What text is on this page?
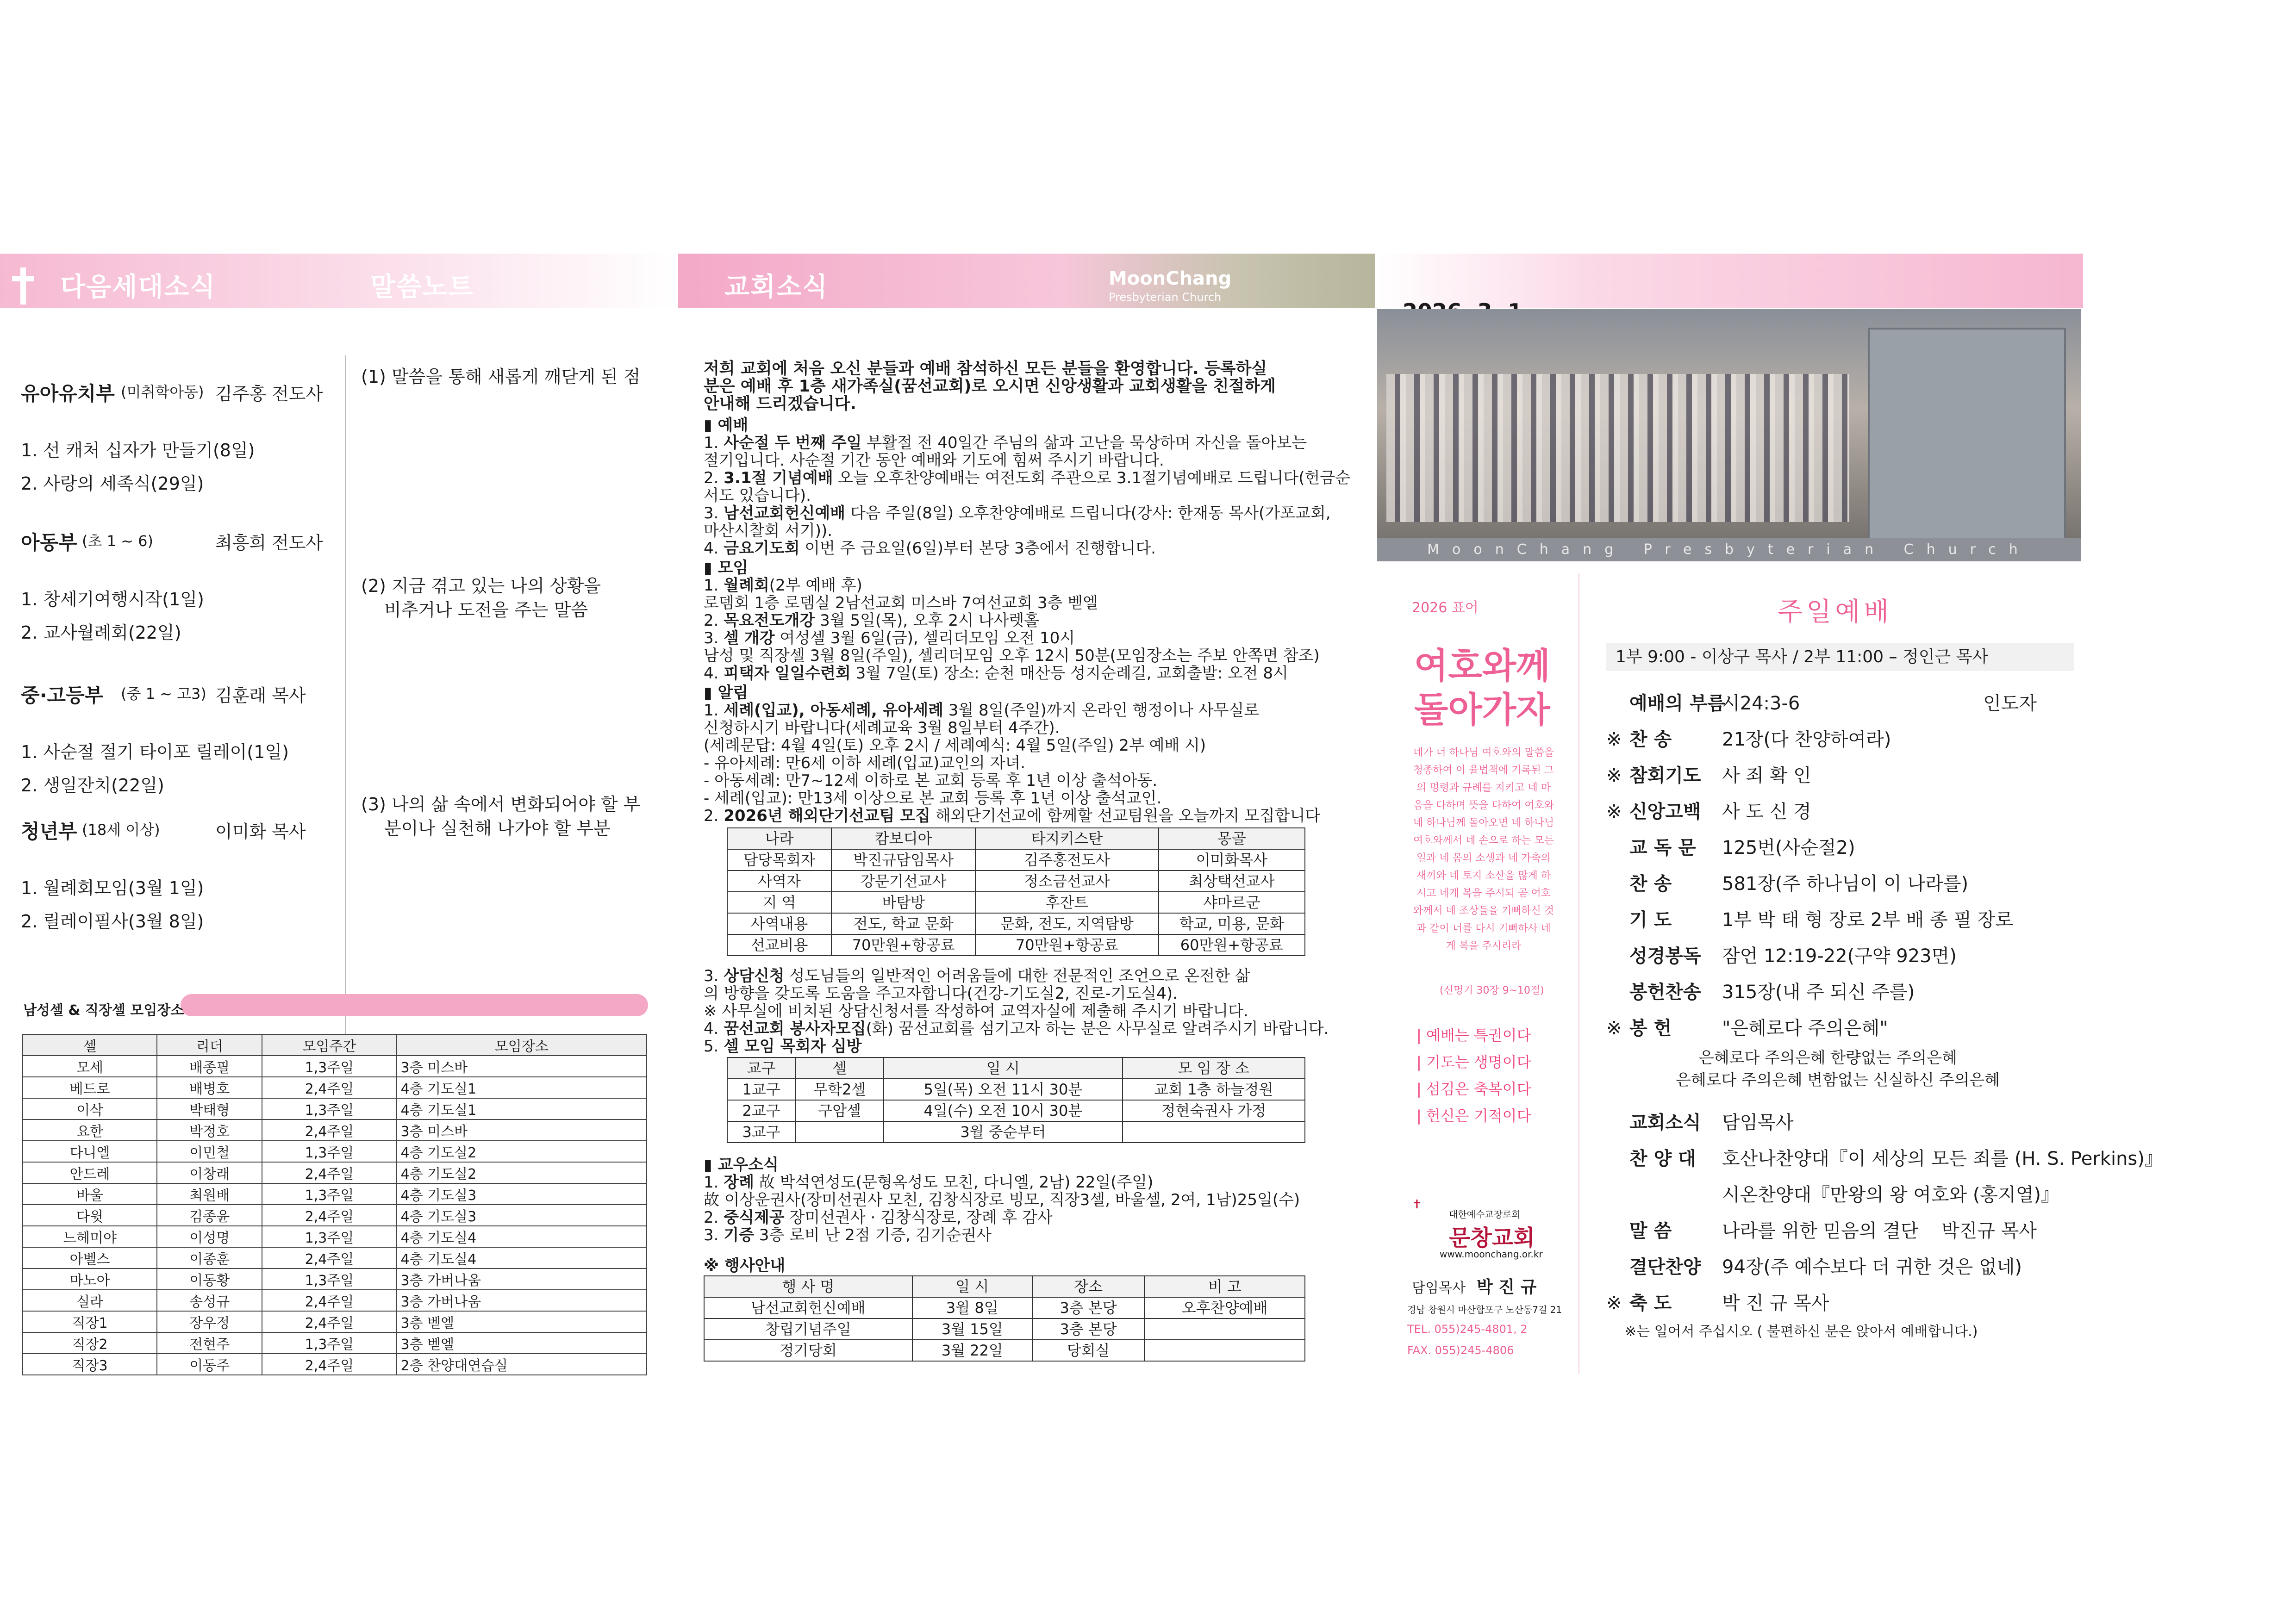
다음세대소식	말씀노트	교회소식	MoonChang
Presbyterian Church
유아유치부 (미취학아동) 김주홍 전도사
1. 선 캐처 십자가 만들기(8일)
2. 사랑의 세족식(29일)
아동부 (초 1 ~ 6)	최흥희 전도사
1. 창세기여행시작(1일)
2. 교사월례회(22일)
중·고등부 (중 1 ~ 고3) 김훈래 목사
1. 사순절 절기 타이포 릴레이(1일)
2. 생일잔치(22일)
청년부 (18세 이상)	이미화 목사
1. 월례회모임(3월 1일)
2. 릴레이필사(3월 8일)
(1) 말씀을 통해 새롭게 깨닫게 된 점
(2) 지금 겪고 있는 나의 상황을
비추거나 도전을 주는 말씀
(3) 나의 삶 속에서 변화되어야 할 부
분이나 실천해 나가야 할 부분
남성셀 & 직장셀 모임장소
셀	리더	모임주간	모임장소
모세	배종필	1,3주일	3층 미스바
베드로	배병호	2,4주일	4층 기도실1
이삭	박태형	1,3주일	4층 기도실1
요한	박정호	2,4주일	3층 미스바
다니엘	이민철	1,3주일	4층 기도실2
안드레	이창래	2,4주일	4층 기도실2
바울	최원배	1,3주일	4층 기도실3
다윗	김종윤	2,4주일	4층 기도실3
느헤미야	이성명	1,3주일	4층 기도실4
아벨스	이종훈	2,4주일	4층 기도실4
마노아	이동황	1,3주일	3층 가버나움
실라	송성규	2,4주일	3층 가버나움
직장1	장우정	2,4주일	3층 벧엘
직장2	전현주	1,3주일	3층 벧엘
직장3	이동주	2,4주일	2층 찬양대연습실
저희 교회에 처음 오신 분들과 예배 참석하신 모든 분들을 환영합니다. 등록하실
분은 예배 후 1층 새가족실(꿈선교회)로 오시면 신앙생활과 교회생활을 친절하게
안내해 드리겠습니다.
▮ 예배
1. 사순절 두 번째 주일 부활절 전 40일간 주님의 삶과 고난을 묵상하며 자신을 돌아보는
절기입니다. 사순절 기간 동안 예배와 기도에 힘써 주시기 바랍니다.
2. 3.1절 기념예배 오늘 오후찬양예배는 여전도회 주관으로 3.1절기념예배로 드립니다(헌금순
서도 있습니다).
3. 남선교회헌신예배 다음 주일(8일) 오후찬양예배로 드립니다(강사: 한재동 목사(가포교회,
마산시찰회 서기)).
4. 금요기도회 이번 주 금요일(6일)부터 본당 3층에서 진행합니다.
▮ 모임
1. 월례회(2부 예배 후)
로뎀회 1층 로뎀실 2남선교회 미스바 7여선교회 3층 벧엘
2. 목요전도개강 3월 5일(목), 오후 2시 나사렛홀
3. 셀 개강 여성셀 3월 6일(금), 셀리더모임 오전 10시
남성 및 직장셀 3월 8일(주일), 셀리더모임 오후 12시 50분(모임장소는 주보 안쪽면 참조)
4. 피택자 일일수련회 3월 7일(토) 장소: 순천 매산등 성지순례길, 교회출발: 오전 8시
▮ 알림
1. 세례(입교), 아동세례, 유아세례 3월 8일(주일)까지 온라인 행정이나 사무실로
신청하시기 바랍니다(세례교육 3월 8일부터 4주간).
(세례문답: 4월 4일(토) 오후 2시 / 세례예식: 4월 5일(주일) 2부 예배 시)
- 유아세례: 만6세 이하 세례(입교)교인의 자녀.
- 아동세례: 만7~12세 이하로 본 교회 등록 후 1년 이상 출석아동.
- 세례(입교): 만13세 이상으로 본 교회 등록 후 1년 이상 출석교인.
2. 2026년 해외단기선교팀 모집 해외단기선교에 함께할 선교팀원을 오늘까지 모집합니다
나라	캄보디아	타지키스탄	몽골
담당목회자	박진규담임목사	김주홍전도사	이미화목사
사역자	강문기선교사	정소금선교사	최상택선교사
지 역	바탐방	후잔트	샤마르군
사역내용	전도, 학교 문화	문화, 전도, 지역탐방	학교, 미용, 문화
선교비용	70만원+항공료	70만원+항공료	60만원+항공료
3. 상담신청 성도님들의 일반적인 어려움들에 대한 전문적인 조언으로 온전한 삶
의 방향을 갖도록 도움을 주고자합니다(건강-기도실2, 진로-기도실4).
※ 사무실에 비치된 상담신청서를 작성하여 교역자실에 제출해 주시기 바랍니다.
4. 꿈선교회 봉사자모집(화) 꿈선교회를 섬기고자 하는 분은 사무실로 알려주시기 바랍니다.
5. 셀 모임 목회자 심방
교구	셀	일 시	모 임 장 소
1교구	무학2셀	5일(목) 오전 11시 30분	교회 1층 하늘정원
2교구	구암셀	4일(수) 오전 10시 30분	정현숙권사 가정
3교구		3월 중순부터	
▮ 교우소식
1. 장례 故 박석연성도(문형옥성도 모친, 다니엘, 2남) 22일(주일)
故 이상운권사(장미선권사 모친, 김창식장로 빙모, 직장3셀, 바울셀, 2여, 1남)25일(수)
2. 중식제공 장미선권사 · 김창식장로, 장례 후 감사
3. 기증 3층 로비 난 2점 기증, 김기순권사
※ 행사안내
행 사 명	일 시	장소	비 고
남선교회헌신예배	3월 8일	3층 본당	오후찬양예배
창립기념주일	3월 15일	3층 본당	
정기당회	3월 22일	당회실	
MoonChang Presbyterian Church
2026 표어
여호와께
돌아가자
네가 너 하나님 여호와의 말씀을
청종하여 이 율법책에 기록된 그
의 명령과 규례를 지키고 네 마
음을 다하며 뜻을 다하여 여호와
네 하나님께 돌아오면 네 하나님
여호와께서 네 손으로 하는 모든
일과 네 몸의 소생과 네 가축의
새끼와 네 토지 소산을 많게 하
시고 네게 복을 주시되 곧 여호
와께서 네 조상들을 기뻐하신 것
과 같이 너를 다시 기뻐하사 네
게 복을 주시리라
(신명기 30장 9~10절)
| 예배는 특권이다
| 기도는 생명이다
| 섬김은 축복이다
| 헌신은 기적이다
✝
대한예수교장로회
문창교회
www.moonchang.or.kr
담임목사 박 진 규
경남 창원시 마산합포구 노산동7길 21
TEL. 055)245-4801, 2
FAX. 055)245-4806
주일예배
1부 9:00 - 이상구 목사 / 2부 11:00 – 정인근 목사
예배의 부름시24:3-6	인도자
※ 찬 송	21장(다 찬양하여라)
※ 참회기도 사 죄 확 인
※ 신앙고백 사 도 신 경
교 독 문 125번(사순절2)
찬 송	581장(주 하나님이 이 나라를)
기 도	1부 박 태 형 장로 2부 배 종 필 장로
성경봉독 잠언 12:19-22(구약 923면)
봉헌찬송 315장(내 주 되신 주를)
※ 봉 헌	"은혜로다 주의은혜"
은혜로다 주의은혜 한량없는 주의은혜
은혜로다 주의은혜 변함없는 신실하신 주의은혜
교회소식 담임목사
찬 양 대 호산나찬양대『이 세상의 모든 죄를 (H. S. Perkins)』
시온찬양대『만왕의 왕 여호와 (홍지열)』
말 씀	나라를 위한 믿음의 결단 박진규 목사
결단찬양 94장(주 예수보다 더 귀한 것은 없네)
※ 축 도	박 진 규 목사
※는 일어서 주십시오 ( 불편하신 분은 앉아서 예배합니다.)
